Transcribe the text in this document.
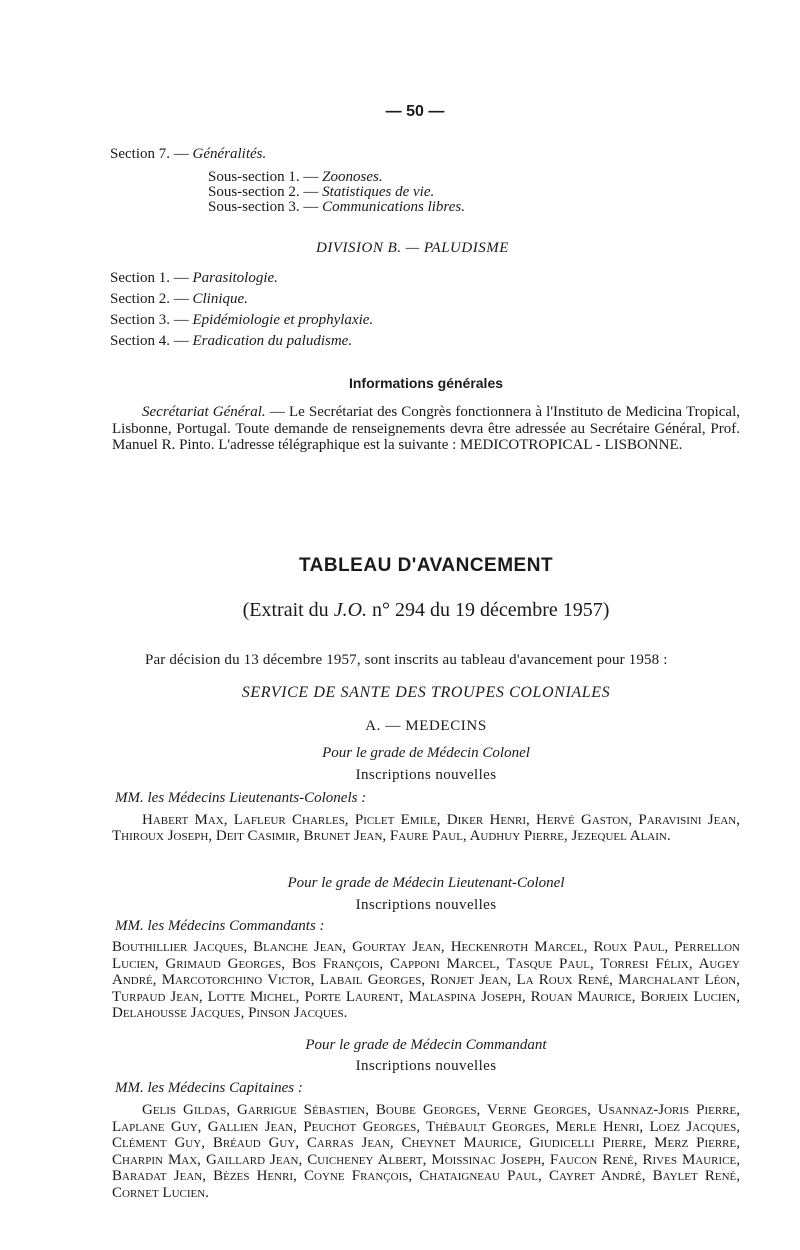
— 50 —
Section 7. — Généralités.
Sous-section 1. — Zoonoses.
Sous-section 2. — Statistiques de vie.
Sous-section 3. — Communications libres.
DIVISION B. — PALUDISME
Section 1. — Parasitologie.
Section 2. — Clinique.
Section 3. — Epidémiologie et prophylaxie.
Section 4. — Eradication du paludisme.
Informations générales
Secrétariat Général. — Le Secrétariat des Congrès fonctionnera à l'Instituto de Medicina Tropical, Lisbonne, Portugal. Toute demande de renseignements devra être adressée au Secrétaire Général, Prof. Manuel R. Pinto. L'adresse télégraphique est la suivante : MEDICOTROPICAL - LISBONNE.
TABLEAU D'AVANCEMENT
(Extrait du J.O. n° 294 du 19 décembre 1957)
Par décision du 13 décembre 1957, sont inscrits au tableau d'avancement pour 1958 :
SERVICE DE SANTE DES TROUPES COLONIALES
A. — MEDECINS
Pour le grade de Médecin Colonel
Inscriptions nouvelles
MM. les Médecins Lieutenants-Colonels :
Habert Max, Lafleur Charles, Piclet Emile, Diker Henri, Hervé Gaston, Paravisini Jean, Thiroux Joseph, Deit Casimir, Brunet Jean, Faure Paul, Audhuy Pierre, Jezequel Alain.
Pour le grade de Médecin Lieutenant-Colonel
Inscriptions nouvelles
MM. les Médecins Commandants :
Bouthillier Jacques, Blanche Jean, Gourtay Jean, Heckenroth Marcel, Roux Paul, Perrellon Lucien, Grimaud Georges, Bos François, Capponi Marcel, Tasque Paul, Torresi Félix, Augey André, Marcotorchino Victor, Labail Georges, Ronjet Jean, La Roux René, Marchalant Léon, Turpaud Jean, Lotte Michel, Porte Laurent, Malaspina Joseph, Rouan Maurice, Borjeix Lucien, Delahousse Jacques, Pinson Jacques.
Pour le grade de Médecin Commandant
Inscriptions nouvelles
MM. les Médecins Capitaines :
Gelis Gildas, Garrigue Sébastien, Boube Georges, Verne Georges, Usannaz-Joris Pierre, Laplane Guy, Gallien Jean, Peuchot Georges, Thébault Georges, Merle Henri, Loez Jacques, Clément Guy, Bréaud Guy, Carras Jean, Cheynet Maurice, Giudicelli Pierre, Merz Pierre, Charpin Max, Gaillard Jean, Cuicheney Albert, Moissinac Joseph, Faucon René, Rives Maurice, Baradat Jean, Bèzes Henri, Coyne François, Chataigneau Paul, Cayret André, Baylet René, Cornet Lucien.
